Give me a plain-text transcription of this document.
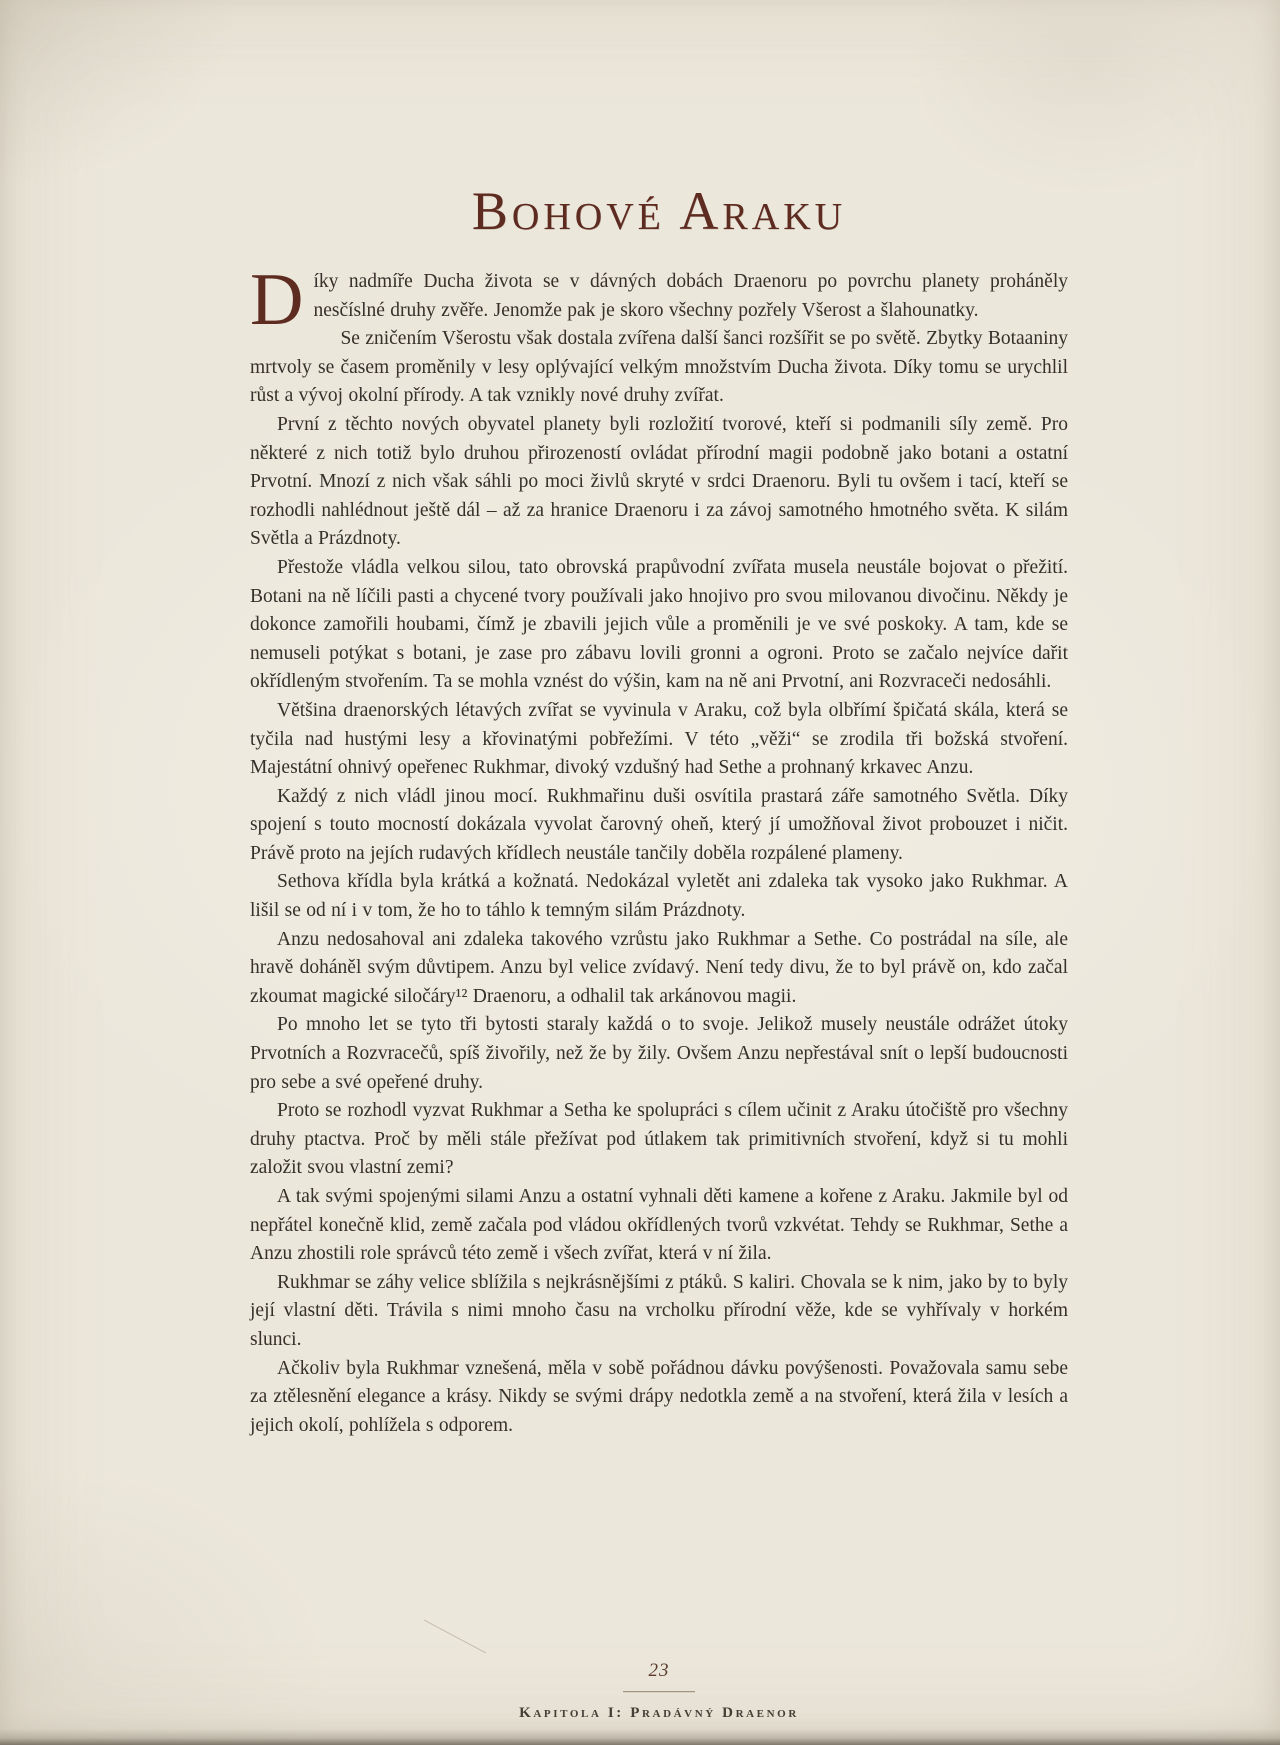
Bohové Araku

Díky nadmíře Ducha života se v dávných dobách Draenoru po povrchu planety proháněly nesčíslné druhy zvěře. Jenomže pak je skoro všechny pozřely Všerost a šlahounatky.

Se zničením Všerostu však dostala zvířena další šanci rozšířit se po světě. Zbytky Botaaniny mrtvoly se časem proměnily v lesy oplývající velkým množstvím Ducha života. Díky tomu se urychlil růst a vývoj okolní přírody. A tak vznikly nové druhy zvířat.

První z těchto nových obyvatel planety byli rozložití tvorové, kteří si podmanili síly země. Pro některé z nich totiž bylo druhou přirozeností ovládat přírodní magii podobně jako botani a ostatní Prvotní. Mnozí z nich však sáhli po moci živlů skryté v srdci Draenoru. Byli tu ovšem i tací, kteří se rozhodli nahlédnout ještě dál – až za hranice Draenoru i za závoj samotného hmotného světa. K silám Světla a Prázdnoty.

Přestože vládla velkou silou, tato obrovská prapůvodní zvířata musela neustále bojovat o přežití. Botani na ně líčili pasti a chycené tvory používali jako hnojivo pro svou milovanou divočinu. Někdy je dokonce zamořili houbami, čímž je zbavili jejich vůle a proměnili je ve své poskoky. A tam, kde se nemuseli potýkat s botani, je zase pro zábavu lovili gronni a ogroni. Proto se začalo nejvíce dařit okřídleným stvořením. Ta se mohla vznést do výšin, kam na ně ani Prvotní, ani Rozvraceči nedosáhli.

Většina draenorských létavých zvířat se vyvinula v Araku, což byla olbřímí špičatá skála, která se tyčila nad hustými lesy a křovinatými pobřežími. V této „věži“ se zrodila tři božská stvoření. Majestátní ohnivý opeřenec Rukhmar, divoký vzdušný had Sethe a prohnaný krkavec Anzu.

Každý z nich vládl jinou mocí. Rukhmařinu duši osvítila prastará záře samotného Světla. Díky spojení s touto mocností dokázala vyvolat čarovný oheň, který jí umožňoval život probouzet i ničit. Právě proto na jejích rudavých křídlech neustále tančily doběla rozpálené plameny.

Sethova křídla byla krátká a kožnatá. Nedokázal vyletět ani zdaleka tak vysoko jako Rukhmar. A lišil se od ní i v tom, že ho to táhlo k temným silám Prázdnoty.

Anzu nedosahoval ani zdaleka takového vzrůstu jako Rukhmar a Sethe. Co postrádal na síle, ale hravě doháněl svým důvtipem. Anzu byl velice zvídavý. Není tedy divu, že to byl právě on, kdo začal zkoumat magické siločáry¹² Draenoru, a odhalil tak arkánovou magii.

Po mnoho let se tyto tři bytosti staraly každá o to svoje. Jelikož musely neustále odrážet útoky Prvotních a Rozvracečů, spíš živořily, než že by žily. Ovšem Anzu nepřestával snít o lepší budoucnosti pro sebe a své opeřené druhy.

Proto se rozhodl vyzvat Rukhmar a Setha ke spolupráci s cílem učinit z Araku útočiště pro všechny druhy ptactva. Proč by měli stále přežívat pod útlakem tak primitivních stvoření, když si tu mohli založit svou vlastní zemi?

A tak svými spojenými silami Anzu a ostatní vyhnali děti kamene a kořene z Araku. Jakmile byl od nepřátel konečně klid, země začala pod vládou okřídlených tvorů vzkvétat. Tehdy se Rukhmar, Sethe a Anzu zhostili role správců této země i všech zvířat, která v ní žila.

Rukhmar se záhy velice sblížila s nejkrásnějšími z ptáků. S kaliri. Chovala se k nim, jako by to byly její vlastní děti. Trávila s nimi mnoho času na vrcholku přírodní věže, kde se vyhřívaly v horkém slunci.

Ačkoliv byla Rukhmar vznešená, měla v sobě pořádnou dávku povýšenosti. Považovala samu sebe za ztělesnění elegance a krásy. Nikdy se svými drápy nedotkla země a na stvoření, která žila v lesích a jejich okolí, pohlížela s odporem.

23
Kapitola I: Pradávný Draenor
